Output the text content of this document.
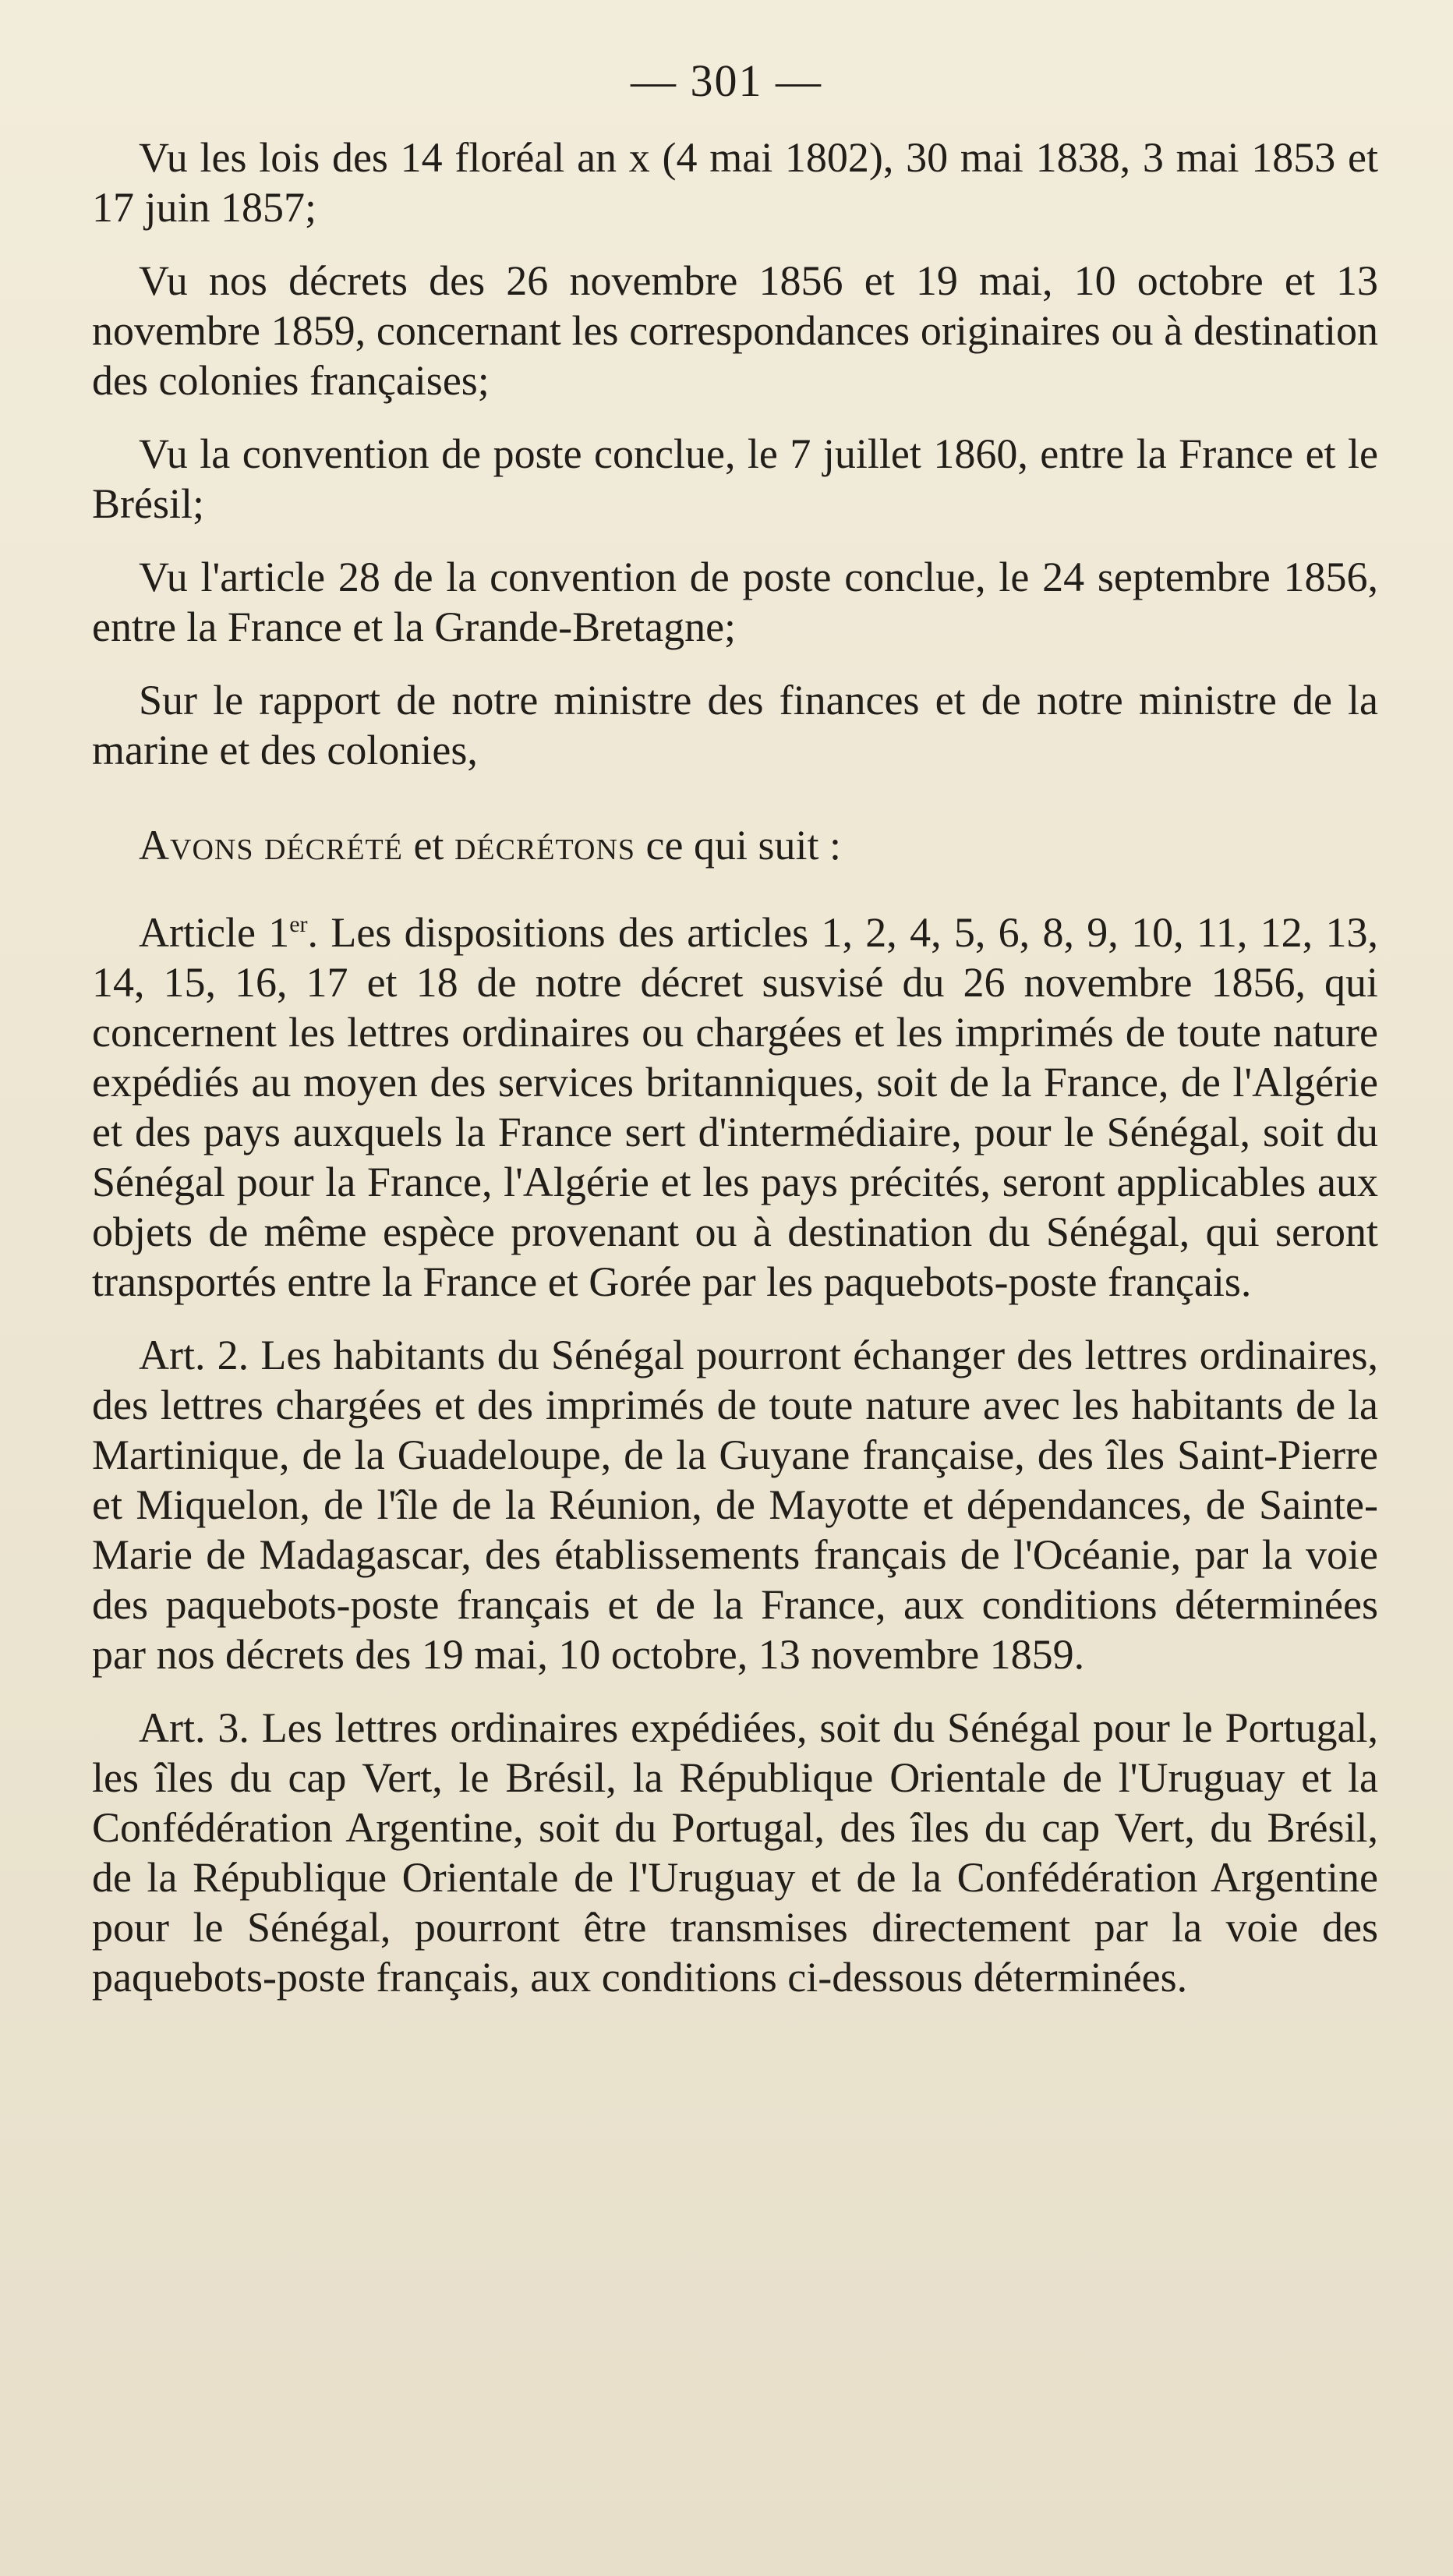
— 301 —

Vu les lois des 14 floréal an x (4 mai 1802), 30 mai 1838, 3 mai 1853 et 17 juin 1857;

Vu nos décrets des 26 novembre 1856 et 19 mai, 10 octobre et 13 novembre 1859, concernant les correspondances originaires ou à destination des colonies françaises;

Vu la convention de poste conclue, le 7 juillet 1860, entre la France et le Brésil;

Vu l'article 28 de la convention de poste conclue, le 24 septembre 1856, entre la France et la Grande-Bretagne;

Sur le rapport de notre ministre des finances et de notre ministre de la marine et des colonies,

Avons décrété et décrétons ce qui suit :

Article 1er. Les dispositions des articles 1, 2, 4, 5, 6, 8, 9, 10, 11, 12, 13, 14, 15, 16, 17 et 18 de notre décret susvisé du 26 novembre 1856, qui concernent les lettres ordinaires ou chargées et les imprimés de toute nature expédiés au moyen des services britanniques, soit de la France, de l'Algérie et des pays auxquels la France sert d'intermédiaire, pour le Sénégal, soit du Sénégal pour la France, l'Algérie et les pays précités, seront applicables aux objets de même espèce provenant ou à destination du Sénégal, qui seront transportés entre la France et Gorée par les paquebots-poste français.

Art. 2. Les habitants du Sénégal pourront échanger des lettres ordinaires, des lettres chargées et des imprimés de toute nature avec les habitants de la Martinique, de la Guadeloupe, de la Guyane française, des îles Saint-Pierre et Miquelon, de l'île de la Réunion, de Mayotte et dépendances, de Sainte-Marie de Madagascar, des établissements français de l'Océanie, par la voie des paquebots-poste français et de la France, aux conditions déterminées par nos décrets des 19 mai, 10 octobre, 13 novembre 1859.

Art. 3. Les lettres ordinaires expédiées, soit du Sénégal pour le Portugal, les îles du cap Vert, le Brésil, la République Orientale de l'Uruguay et la Confédération Argentine, soit du Portugal, des îles du cap Vert, du Brésil, de la République Orientale de l'Uruguay et de la Confédération Argentine pour le Sénégal, pourront être transmises directement par la voie des paquebots-poste français, aux conditions ci-dessous déterminées.
